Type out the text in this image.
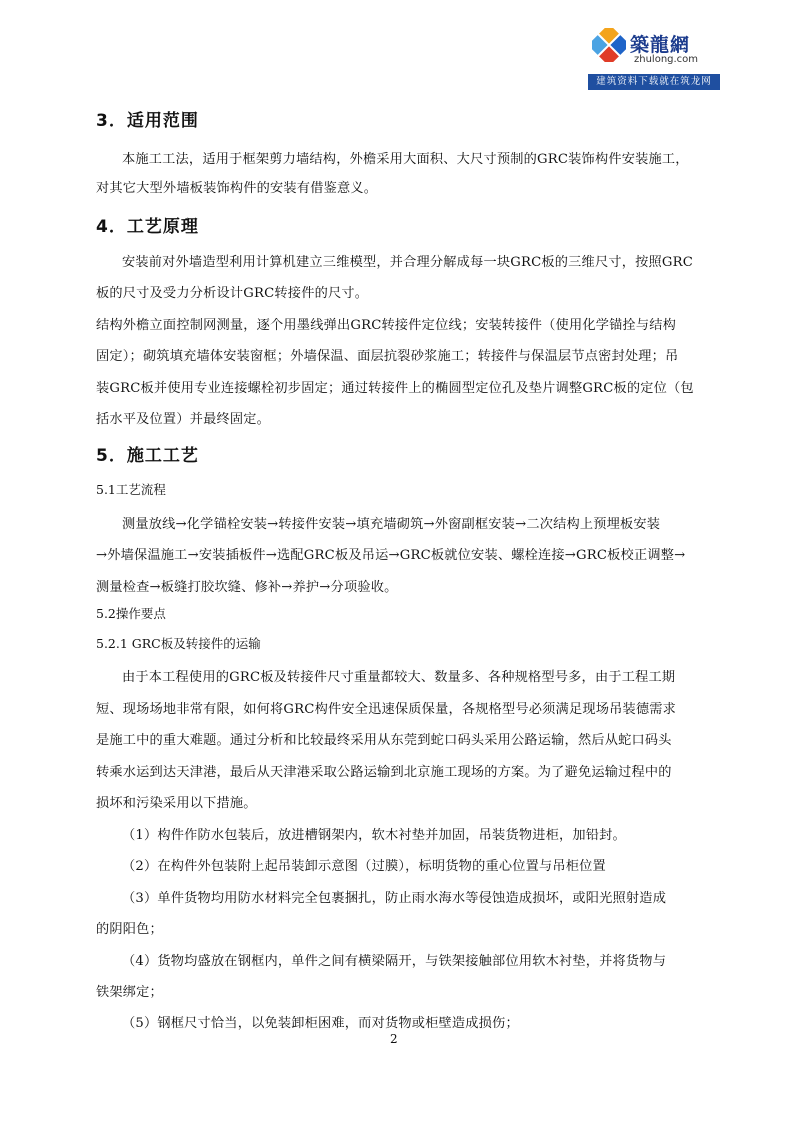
築龍網
zhulong.com
建筑资料下载就在筑龙网
3．适用范围
本施工工法，适用于框架剪力墙结构，外檐采用大面积、大尺寸预制的GRC装饰构件安装施工，
对其它大型外墙板装饰构件的安装有借鉴意义。
4．工艺原理
安装前对外墙造型利用计算机建立三维模型，并合理分解成每一块GRC板的三维尺寸，按照GRC
板的尺寸及受力分析设计GRC转接件的尺寸。
结构外檐立面控制网测量，逐个用墨线弹出GRC转接件定位线；安装转接件（使用化学锚拴与结构
固定）；砌筑填充墙体安装窗框；外墙保温、面层抗裂砂浆施工；转接件与保温层节点密封处理；吊
装GRC板并使用专业连接螺栓初步固定；通过转接件上的椭圆型定位孔及垫片调整GRC板的定位（包
括水平及位置）并最终固定。
5．施工工艺
5.1工艺流程
测量放线→化学锚栓安装→转接件安装→填充墙砌筑→外窗副框安装→二次结构上预埋板安装
→外墙保温施工→安装插板件→选配GRC板及吊运→GRC板就位安装、螺栓连接→GRC板校正调整→
测量检查→板缝打胶坎缝、修补→养护→分项验收。
5.2操作要点
5.2.1 GRC板及转接件的运输
由于本工程使用的GRC板及转接件尺寸重量都较大、数量多、各种规格型号多，由于工程工期
短、现场场地非常有限，如何将GRC构件安全迅速保质保量，各规格型号必须满足现场吊装德需求
是施工中的重大难题。通过分析和比较最终采用从东莞到蛇口码头采用公路运输，然后从蛇口码头
转乘水运到达天津港，最后从天津港采取公路运输到北京施工现场的方案。为了避免运输过程中的
损坏和污染采用以下措施。
（1）构件作防水包装后，放进槽钢架内，软木衬垫并加固，吊装货物进柜，加铅封。
（2）在构件外包装附上起吊装卸示意图（过膜），标明货物的重心位置与吊柜位置
（3）单件货物均用防水材料完全包裹捆扎，防止雨水海水等侵蚀造成损坏，或阳光照射造成
的阴阳色；
（4）货物均盛放在钢框内，单件之间有横梁隔开，与铁架接触部位用软木衬垫，并将货物与
铁架绑定；
（5）钢框尺寸恰当，以免装卸柜困难，而对货物或柜壁造成损伤；
2
